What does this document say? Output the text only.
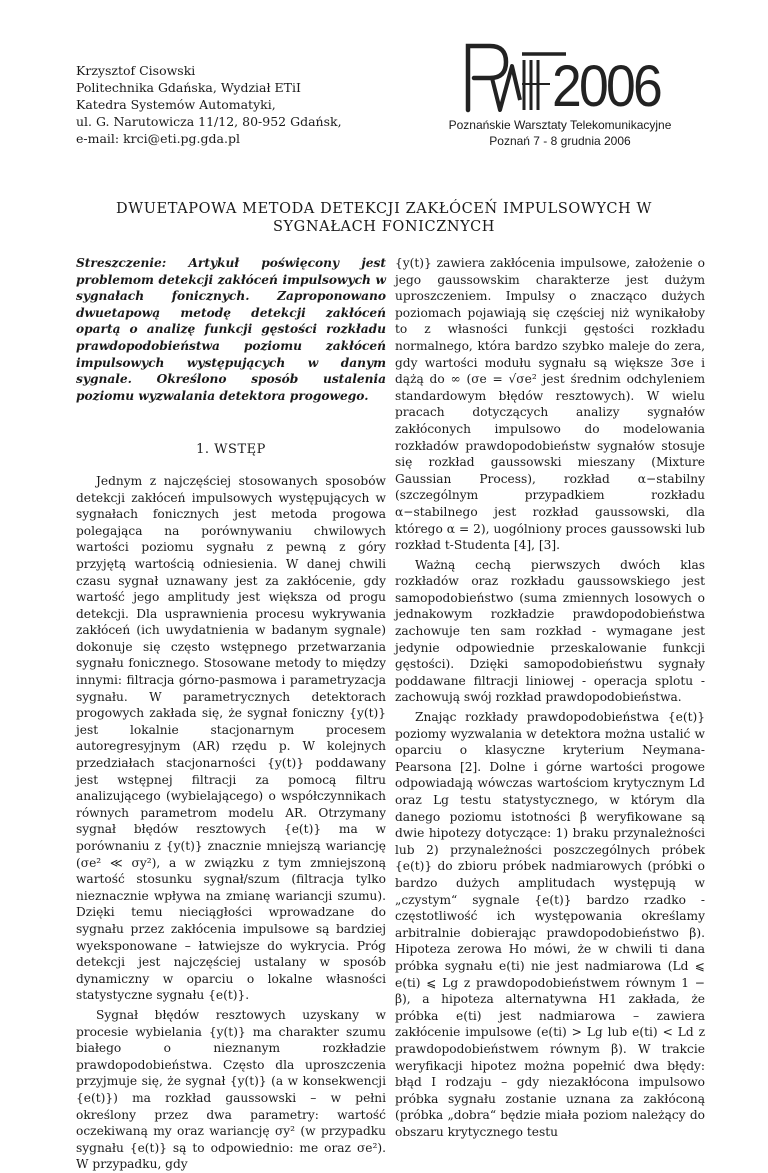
Krzysztof Cisowski
Politechnika Gdańska, Wydział ETiI
Katedra Systemów Automatyki,
ul. G. Narutowicza 11/12, 80-952 Gdańsk,
e-mail: krci@eti.pg.gda.pl
2006
Poznańskie Warsztaty Telekomunikacyjne
Poznań 7 - 8 grudnia 2006
DWUETAPOWA METODA DETEKCJI ZAKŁÓCEŃ IMPULSOWYCH W
SYGNAŁACH FONICZNYCH

Streszczenie: Artykuł poświęcony jest problemom detekcji zakłóceń impulsowych w sygnałach fonicznych. Zaproponowano dwuetapową metodę detekcji zakłóceń opartą o analizę funkcji gęstości rozkładu prawdopodobieństwa poziomu zakłóceń impulsowych występujących w danym sygnale. Określono sposób ustalenia poziomu wyzwalania detektora progowego.

1. WSTĘP

Jednym z najczęściej stosowanych sposobów detekcji zakłóceń impulsowych występujących w sygnałach fonicznych jest metoda progowa polegająca na porównywaniu chwilowych wartości poziomu sygnału z pewną z góry przyjętą wartością odniesienia. W danej chwili czasu sygnał uznawany jest za zakłócenie, gdy wartość jego amplitudy jest większa od progu detekcji. Dla usprawnienia procesu wykrywania zakłóceń (ich uwydatnienia w badanym sygnale) dokonuje się często wstępnego przetwarzania sygnału fonicznego. Stosowane metody to między innymi: filtracja górno-pasmowa i parametryzacja sygnału. W parametrycznych detektorach progowych zakłada się, że sygnał foniczny {y(t)} jest lokalnie stacjonarnym procesem autoregresyjnym (AR) rzędu p. W kolejnych przedziałach stacjonarności {y(t)} poddawany jest wstępnej filtracji za pomocą filtru analizującego (wybielającego) o współczynnikach równych parametrom modelu AR. Otrzymany sygnał błędów resztowych {e(t)} ma w porównaniu z {y(t)} znacznie mniejszą wariancję (σe² ≪ σy²), a w związku z tym zmniejszoną wartość stosunku sygnał/szum (filtracja tylko nieznacznie wpływa na zmianę wariancji szumu). Dzięki temu nieciągłości wprowadzane do sygnału przez zakłócenia impulsowe są bardziej wyeksponowane – łatwiejsze do wykrycia. Próg detekcji jest najczęściej ustalany w sposób dynamiczny w oparciu o lokalne własności statystyczne sygnału {e(t)}.

Sygnał błędów resztowych uzyskany w procesie wybielania {y(t)} ma charakter szumu białego o nieznanym rozkładzie prawdopodobieństwa. Często dla uproszczenia przyjmuje się, że sygnał {y(t)} (a w konsekwencji {e(t)}) ma rozkład gaussowski – w pełni określony przez dwa parametry: wartość oczekiwaną my oraz wariancję σy² (w przypadku sygnału {e(t)} są to odpowiednio: me oraz σe²). W przypadku, gdy

{y(t)} zawiera zakłócenia impulsowe, założenie o jego gaussowskim charakterze jest dużym uproszczeniem. Impulsy o znacząco dużych poziomach pojawiają się częściej niż wynikałoby to z własności funkcji gęstości rozkładu normalnego, która bardzo szybko maleje do zera, gdy wartości modułu sygnału są większe 3σe i dążą do ∞ (σe = √σe² jest średnim odchyleniem standardowym błędów resztowych). W wielu pracach dotyczących analizy sygnałów zakłóconych impulsowo do modelowania rozkładów prawdopodobieństw sygnałów stosuje się rozkład gaussowski mieszany (Mixture Gaussian Process), rozkład α−stabilny (szczególnym przypadkiem rozkładu α−stabilnego jest rozkład gaussowski, dla którego α = 2), uogólniony proces gaussowski lub rozkład t-Studenta [4], [3].

Ważną cechą pierwszych dwóch klas rozkładów oraz rozkładu gaussowskiego jest samopodobieństwo (suma zmiennych losowych o jednakowym rozkładzie prawdopodobieństwa zachowuje ten sam rozkład - wymagane jest jedynie odpowiednie przeskalowanie funkcji gęstości). Dzięki samopodobieństwu sygnały poddawane filtracji liniowej - operacja splotu - zachowują swój rozkład prawdopodobieństwa.

Znając rozkłady prawdopodobieństwa {e(t)} poziomy wyzwalania w detektora można ustalić w oparciu o klasyczne kryterium Neymana-Pearsona [2]. Dolne i górne wartości progowe odpowiadają wówczas wartościom krytycznym Ld oraz Lg testu statystycznego, w którym dla danego poziomu istotności β weryfikowane są dwie hipotezy dotyczące: 1) braku przynależności lub 2) przynależności poszczególnych próbek {e(t)} do zbioru próbek nadmiarowych (próbki o bardzo dużych amplitudach występują w „czystym“ sygnale {e(t)} bardzo rzadko - częstotliwość ich występowania określamy arbitralnie dobierając prawdopodobieństwo β). Hipoteza zerowa Ho mówi, że w chwili ti dana próbka sygnału e(ti) nie jest nadmiarowa (Ld ⩽ e(ti) ⩽ Lg z prawdopodobieństwem równym 1 − β), a hipoteza alternatywna H1 zakłada, że próbka e(ti) jest nadmiarowa – zawiera zakłócenie impulsowe (e(ti) > Lg lub e(ti) < Ld z prawdopodobieństwem równym β). W trakcie weryfikacji hipotez można popełnić dwa błędy: błąd I rodzaju – gdy niezakłócona impulsowo próbka sygnału zostanie uznana za zakłóconą (próbka „dobra“ będzie miała poziom należący do obszaru krytycznego testu
